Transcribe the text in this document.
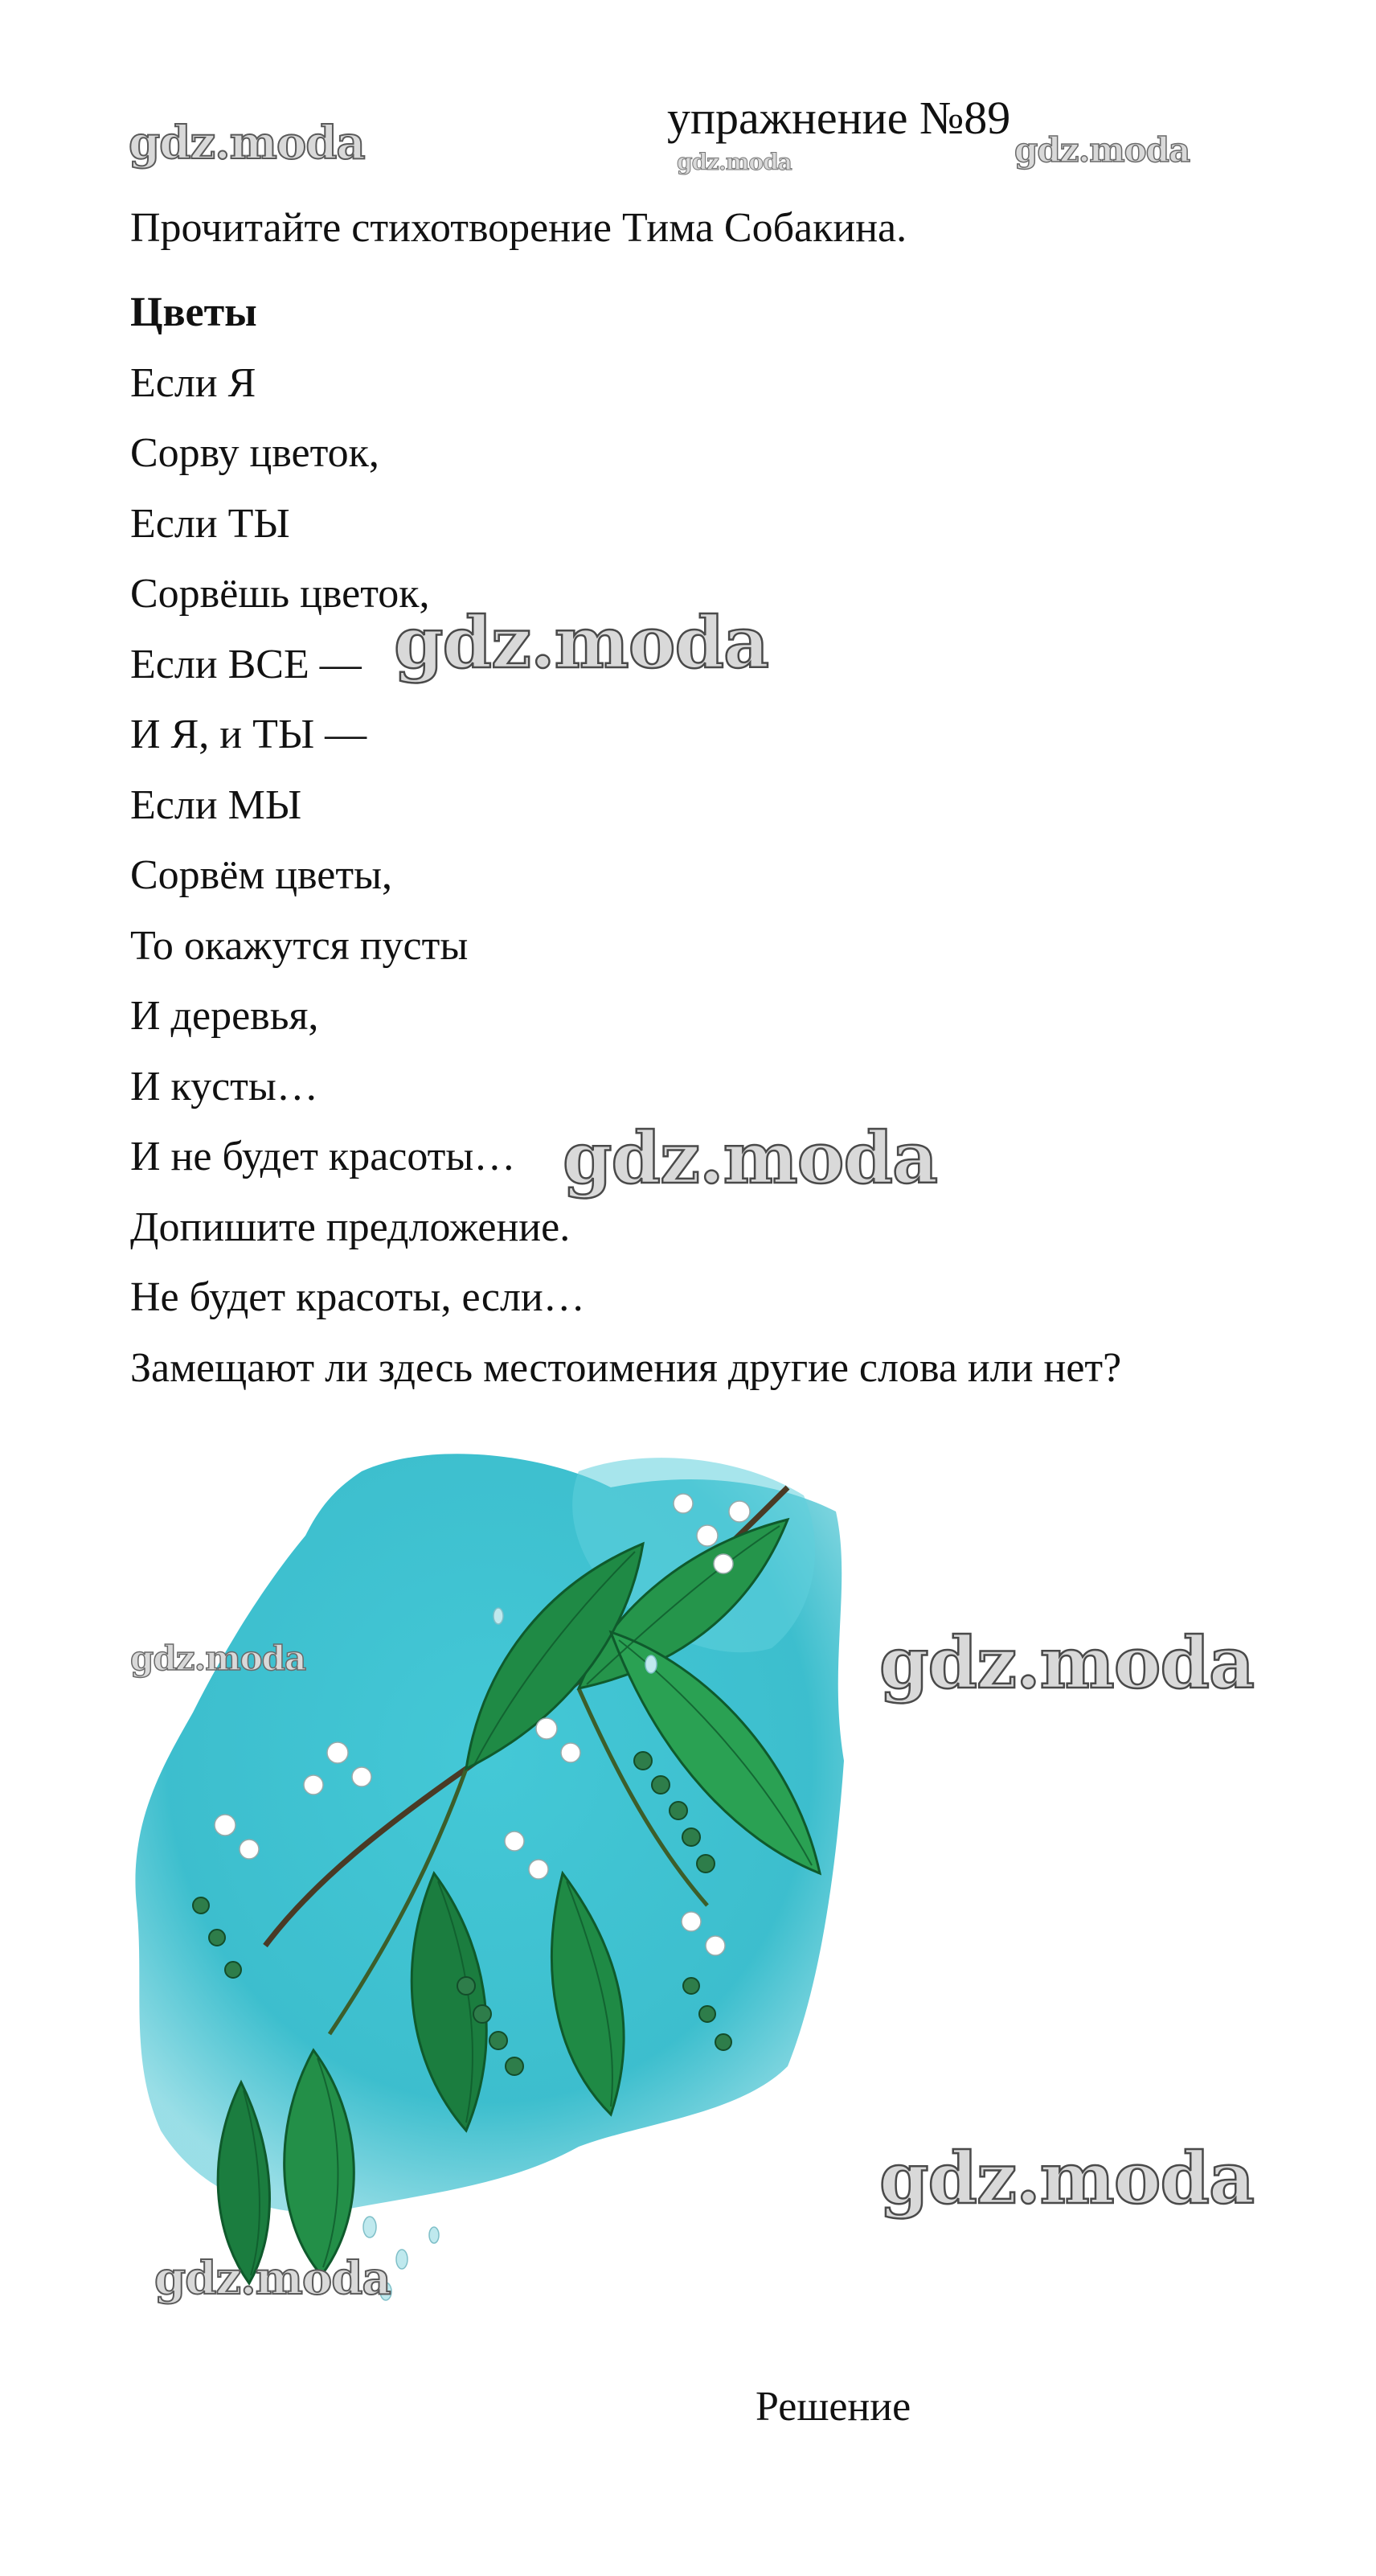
упражнение №89
Прочитайте стихотворение Тима Собакина.
Цветы
Если Я
Сорву цветок,
Если ТЫ
Сорвёшь цветок,
Если ВСЕ —
И Я, и ТЫ —
Если МЫ
Сорвём цветы,
То окажутся пусты
И деревья,
И кусты…
И не будет красоты…
Допишите предложение.
Не будет красоты, если…
Замещают ли здесь местоимения другие слова или нет?
gdz.moda	gdz.moda	gdz.moda
gdz.moda
gdz.moda
gdz.moda	gdz.moda
gdz.moda
gdz.moda
Решение
